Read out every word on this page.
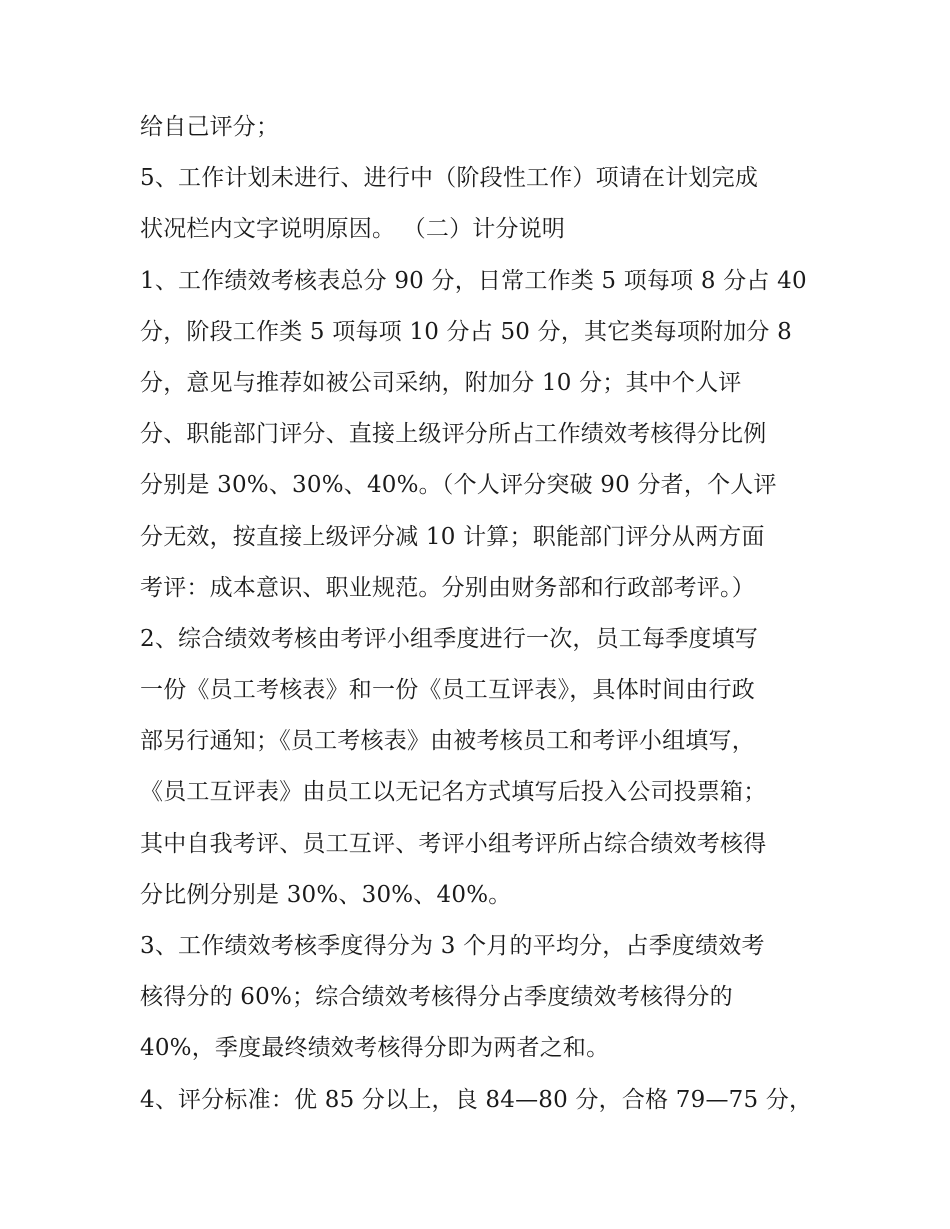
给自己评分；
5、工作计划未进行、进行中（阶段性工作）项请在计划完成
状况栏内文字说明原因。 （二）计分说明
1、工作绩效考核表总分 90 分，日常工作类 5 项每项 8 分占 40
分，阶段工作类 5 项每项 10 分占 50 分，其它类每项附加分 8
分，意见与推荐如被公司采纳，附加分 10 分；其中个人评
分、职能部门评分、直接上级评分所占工作绩效考核得分比例
分别是 30%、30%、40%。（个人评分突破 90 分者，个人评
分无效，按直接上级评分减 10 计算；职能部门评分从两方面
考评：成本意识、职业规范。分别由财务部和行政部考评。）
2、综合绩效考核由考评小组季度进行一次，员工每季度填写
一份《员工考核表》和一份《员工互评表》，具体时间由行政
部另行通知；《员工考核表》由被考核员工和考评小组填写，
《员工互评表》由员工以无记名方式填写后投入公司投票箱；
其中自我考评、员工互评、考评小组考评所占综合绩效考核得
分比例分别是 30%、30%、40%。
3、工作绩效考核季度得分为 3 个月的平均分，占季度绩效考
核得分的 60%；综合绩效考核得分占季度绩效考核得分的
40%，季度最终绩效考核得分即为两者之和。
4、评分标准：优 85 分以上，良 84—80 分，合格 79—75 分，
